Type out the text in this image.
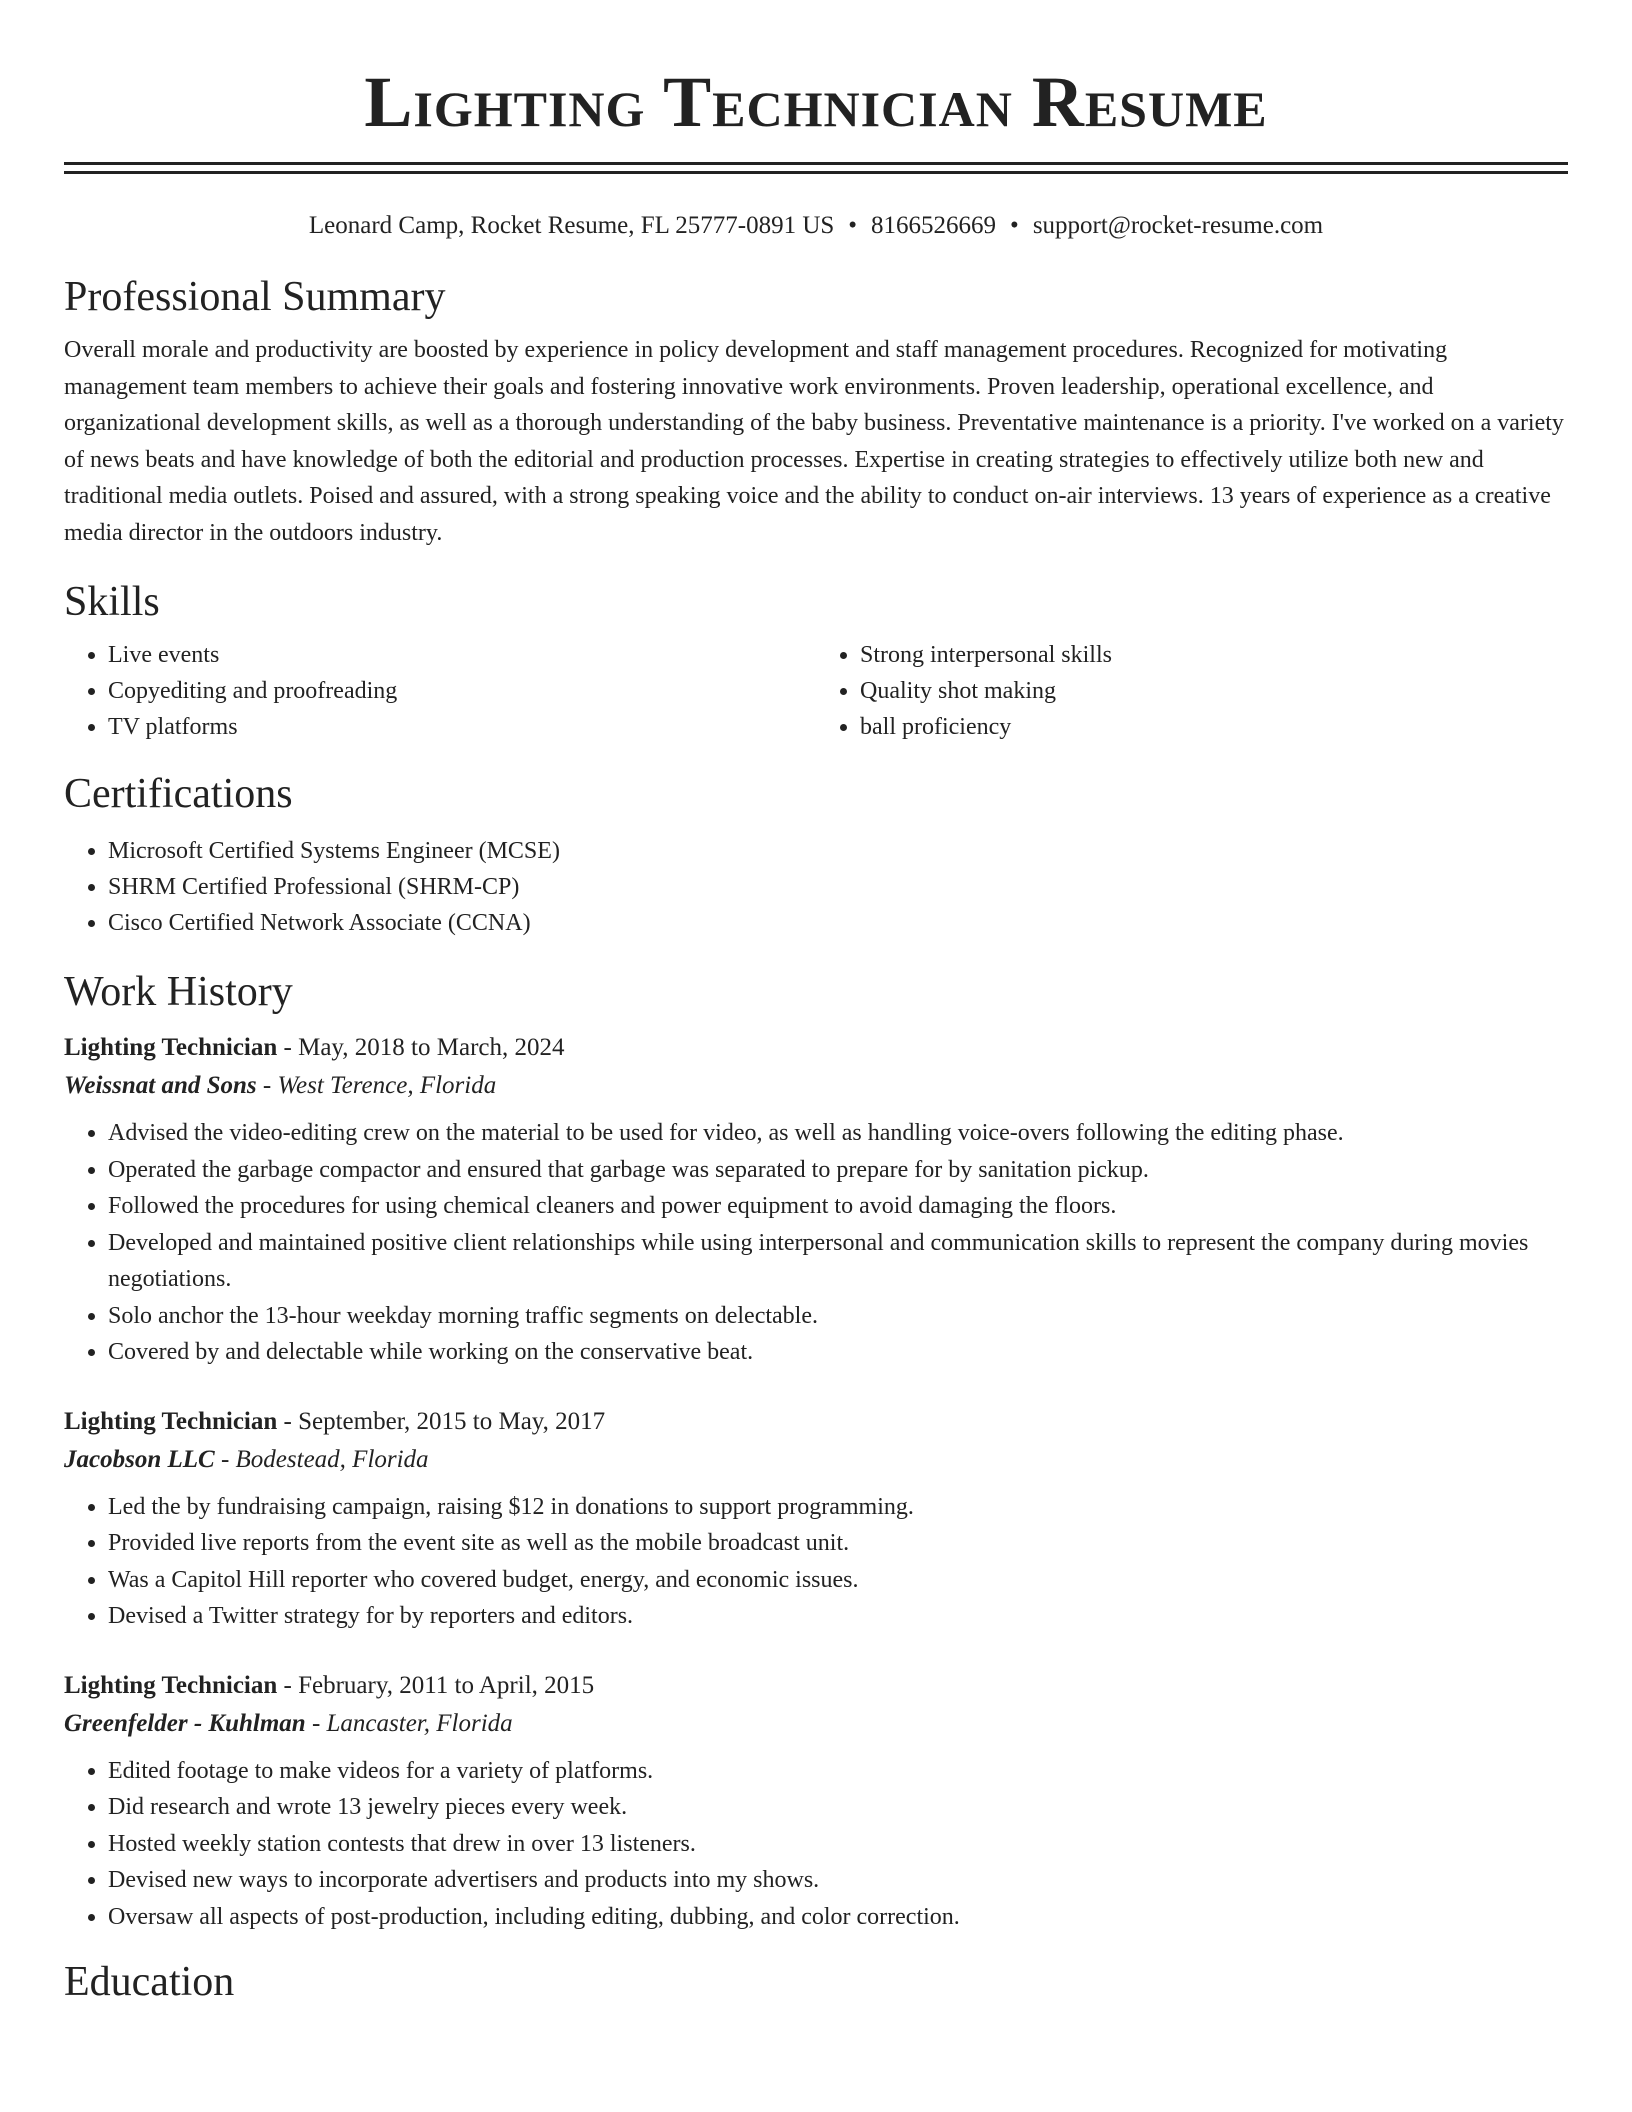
Lighting Technician Resume
Leonard Camp, Rocket Resume, FL 25777-0891 US • 8166526669 • support@rocket-resume.com
Professional Summary

Overall morale and productivity are boosted by experience in policy development and staff management procedures. Recognized for motivating management team members to achieve their goals and fostering innovative work environments. Proven leadership, operational excellence, and organizational development skills, as well as a thorough understanding of the baby business. Preventative maintenance is a priority. I've worked on a variety of news beats and have knowledge of both the editorial and production processes. Expertise in creating strategies to effectively utilize both new and traditional media outlets. Poised and assured, with a strong speaking voice and the ability to conduct on-air interviews. 13 years of experience as a creative media director in the outdoors industry.

Skills
• Live events
• Copyediting and proofreading
• TV platforms
• Strong interpersonal skills
• Quality shot making
• ball proficiency
Certifications
• Microsoft Certified Systems Engineer (MCSE)
• SHRM Certified Professional (SHRM-CP)
• Cisco Certified Network Associate (CCNA)
Work History

Lighting Technician - May, 2018 to March, 2024

Weissnat and Sons - West Terence, Florida

• Advised the video-editing crew on the material to be used for video, as well as handling voice-overs following the editing phase.
• Operated the garbage compactor and ensured that garbage was separated to prepare for by sanitation pickup.
• Followed the procedures for using chemical cleaners and power equipment to avoid damaging the floors.
• Developed and maintained positive client relationships while using interpersonal and communication skills to represent the company during movies negotiations.
• Solo anchor the 13-hour weekday morning traffic segments on delectable.
• Covered by and delectable while working on the conservative beat.

Lighting Technician - September, 2015 to May, 2017

Jacobson LLC - Bodestead, Florida

• Led the by fundraising campaign, raising $12 in donations to support programming.
• Provided live reports from the event site as well as the mobile broadcast unit.
• Was a Capitol Hill reporter who covered budget, energy, and economic issues.
• Devised a Twitter strategy for by reporters and editors.

Lighting Technician - February, 2011 to April, 2015

Greenfelder - Kuhlman - Lancaster, Florida

• Edited footage to make videos for a variety of platforms.
• Did research and wrote 13 jewelry pieces every week.
• Hosted weekly station contests that drew in over 13 listeners.
• Devised new ways to incorporate advertisers and products into my shows.
• Oversaw all aspects of post-production, including editing, dubbing, and color correction.
Education
